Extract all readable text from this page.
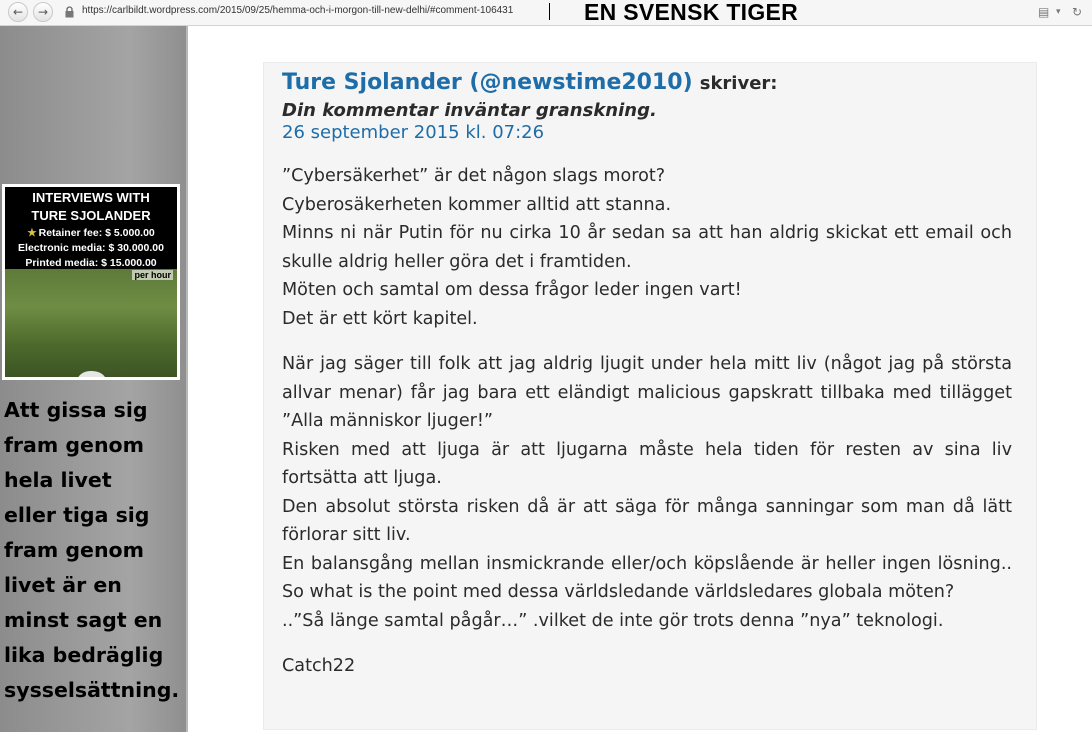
←	→	https://carlbildt.wordpress.com/2015/09/25/hemma-och-i-morgon-till-new-delhi/#comment-106431	EN SVENSK TIGER	▤ ▾ ↻
INTERVIEWS WITH
TURE SJOLANDER
★ Retainer fee: $ 5.000.00
Electronic media: $ 30.000.00
Printed media: $ 15.000.00
per hour
Att gissa sig
fram genom
hela livet
eller tiga sig
fram genom
livet är en
minst sagt en
lika bedräglig
sysselsättning.
Ture Sjolander (@newstime2010) skriver:
Din kommentar inväntar granskning.
26 september 2015 kl. 07:26

”Cybersäkerhet” är det någon slags morot?
Cyberosäkerheten kommer alltid att stanna.
Minns ni när Putin för nu cirka 10 år sedan sa att han aldrig skickat ett email och skulle aldrig heller göra det i framtiden.
Möten och samtal om dessa frågor leder ingen vart!
Det är ett kört kapitel.

När jag säger till folk att jag aldrig ljugit under hela mitt liv (något jag på största allvar menar) får jag bara ett eländigt malicious gapskratt tillbaka med tillägget ”Alla människor ljuger!”
Risken med att ljuga är att ljugarna måste hela tiden för resten av sina liv fortsätta att ljuga.
Den absolut största risken då är att säga för många sanningar som man då lätt förlorar sitt liv.
En balansgång mellan insmickrande eller/och köpslående är heller ingen lösning.. So what is the point med dessa världsledande världsledares globala möten?
..”Så länge samtal pågår…” .vilket de inte gör trots denna ”nya” teknologi.

Catch22
